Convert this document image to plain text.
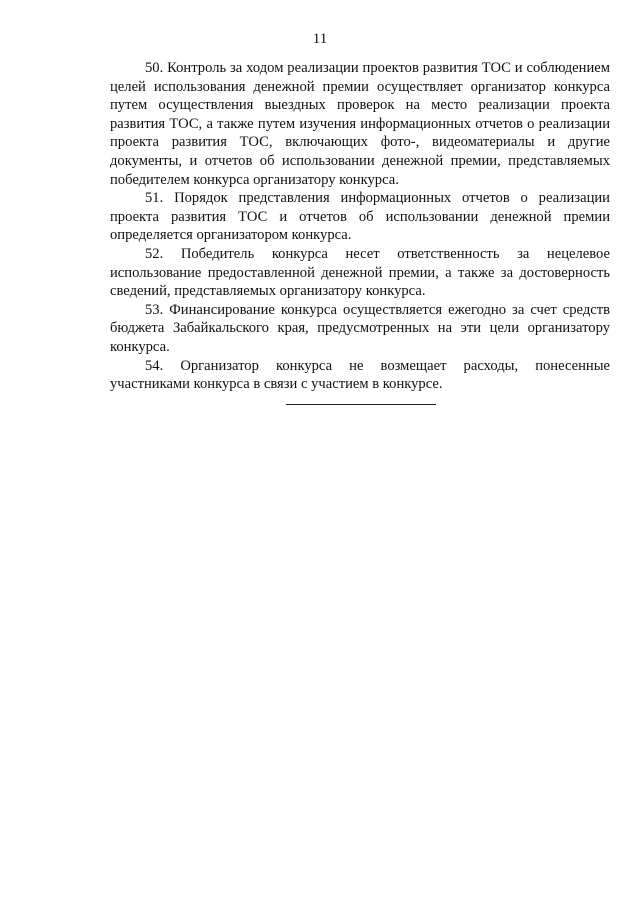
11

50. Контроль за ходом реализации проектов развития ТОС и соблюдением целей использования денежной премии осуществляет организатор конкурса путем осуществления выездных проверок на место реализации проекта развития ТОС, а также путем изучения информационных отчетов о реализации проекта развития ТОС, включающих фото-, видеоматериалы и другие документы, и отчетов об использовании денежной премии, представляемых победителем конкурса организатору конкурса.

51. Порядок представления информационных отчетов о реализации проекта развития ТОС и отчетов об использовании денежной премии определяется организатором конкурса.

52. Победитель конкурса несет ответственность за нецелевое использование предоставленной денежной премии, а также за достоверность сведений, представляемых организатору конкурса.

53. Финансирование конкурса осуществляется ежегодно за счет средств бюджета Забайкальского края, предусмотренных на эти цели организатору конкурса.

54. Организатор конкурса не возмещает расходы, понесенные участниками конкурса в связи с участием в конкурсе.
